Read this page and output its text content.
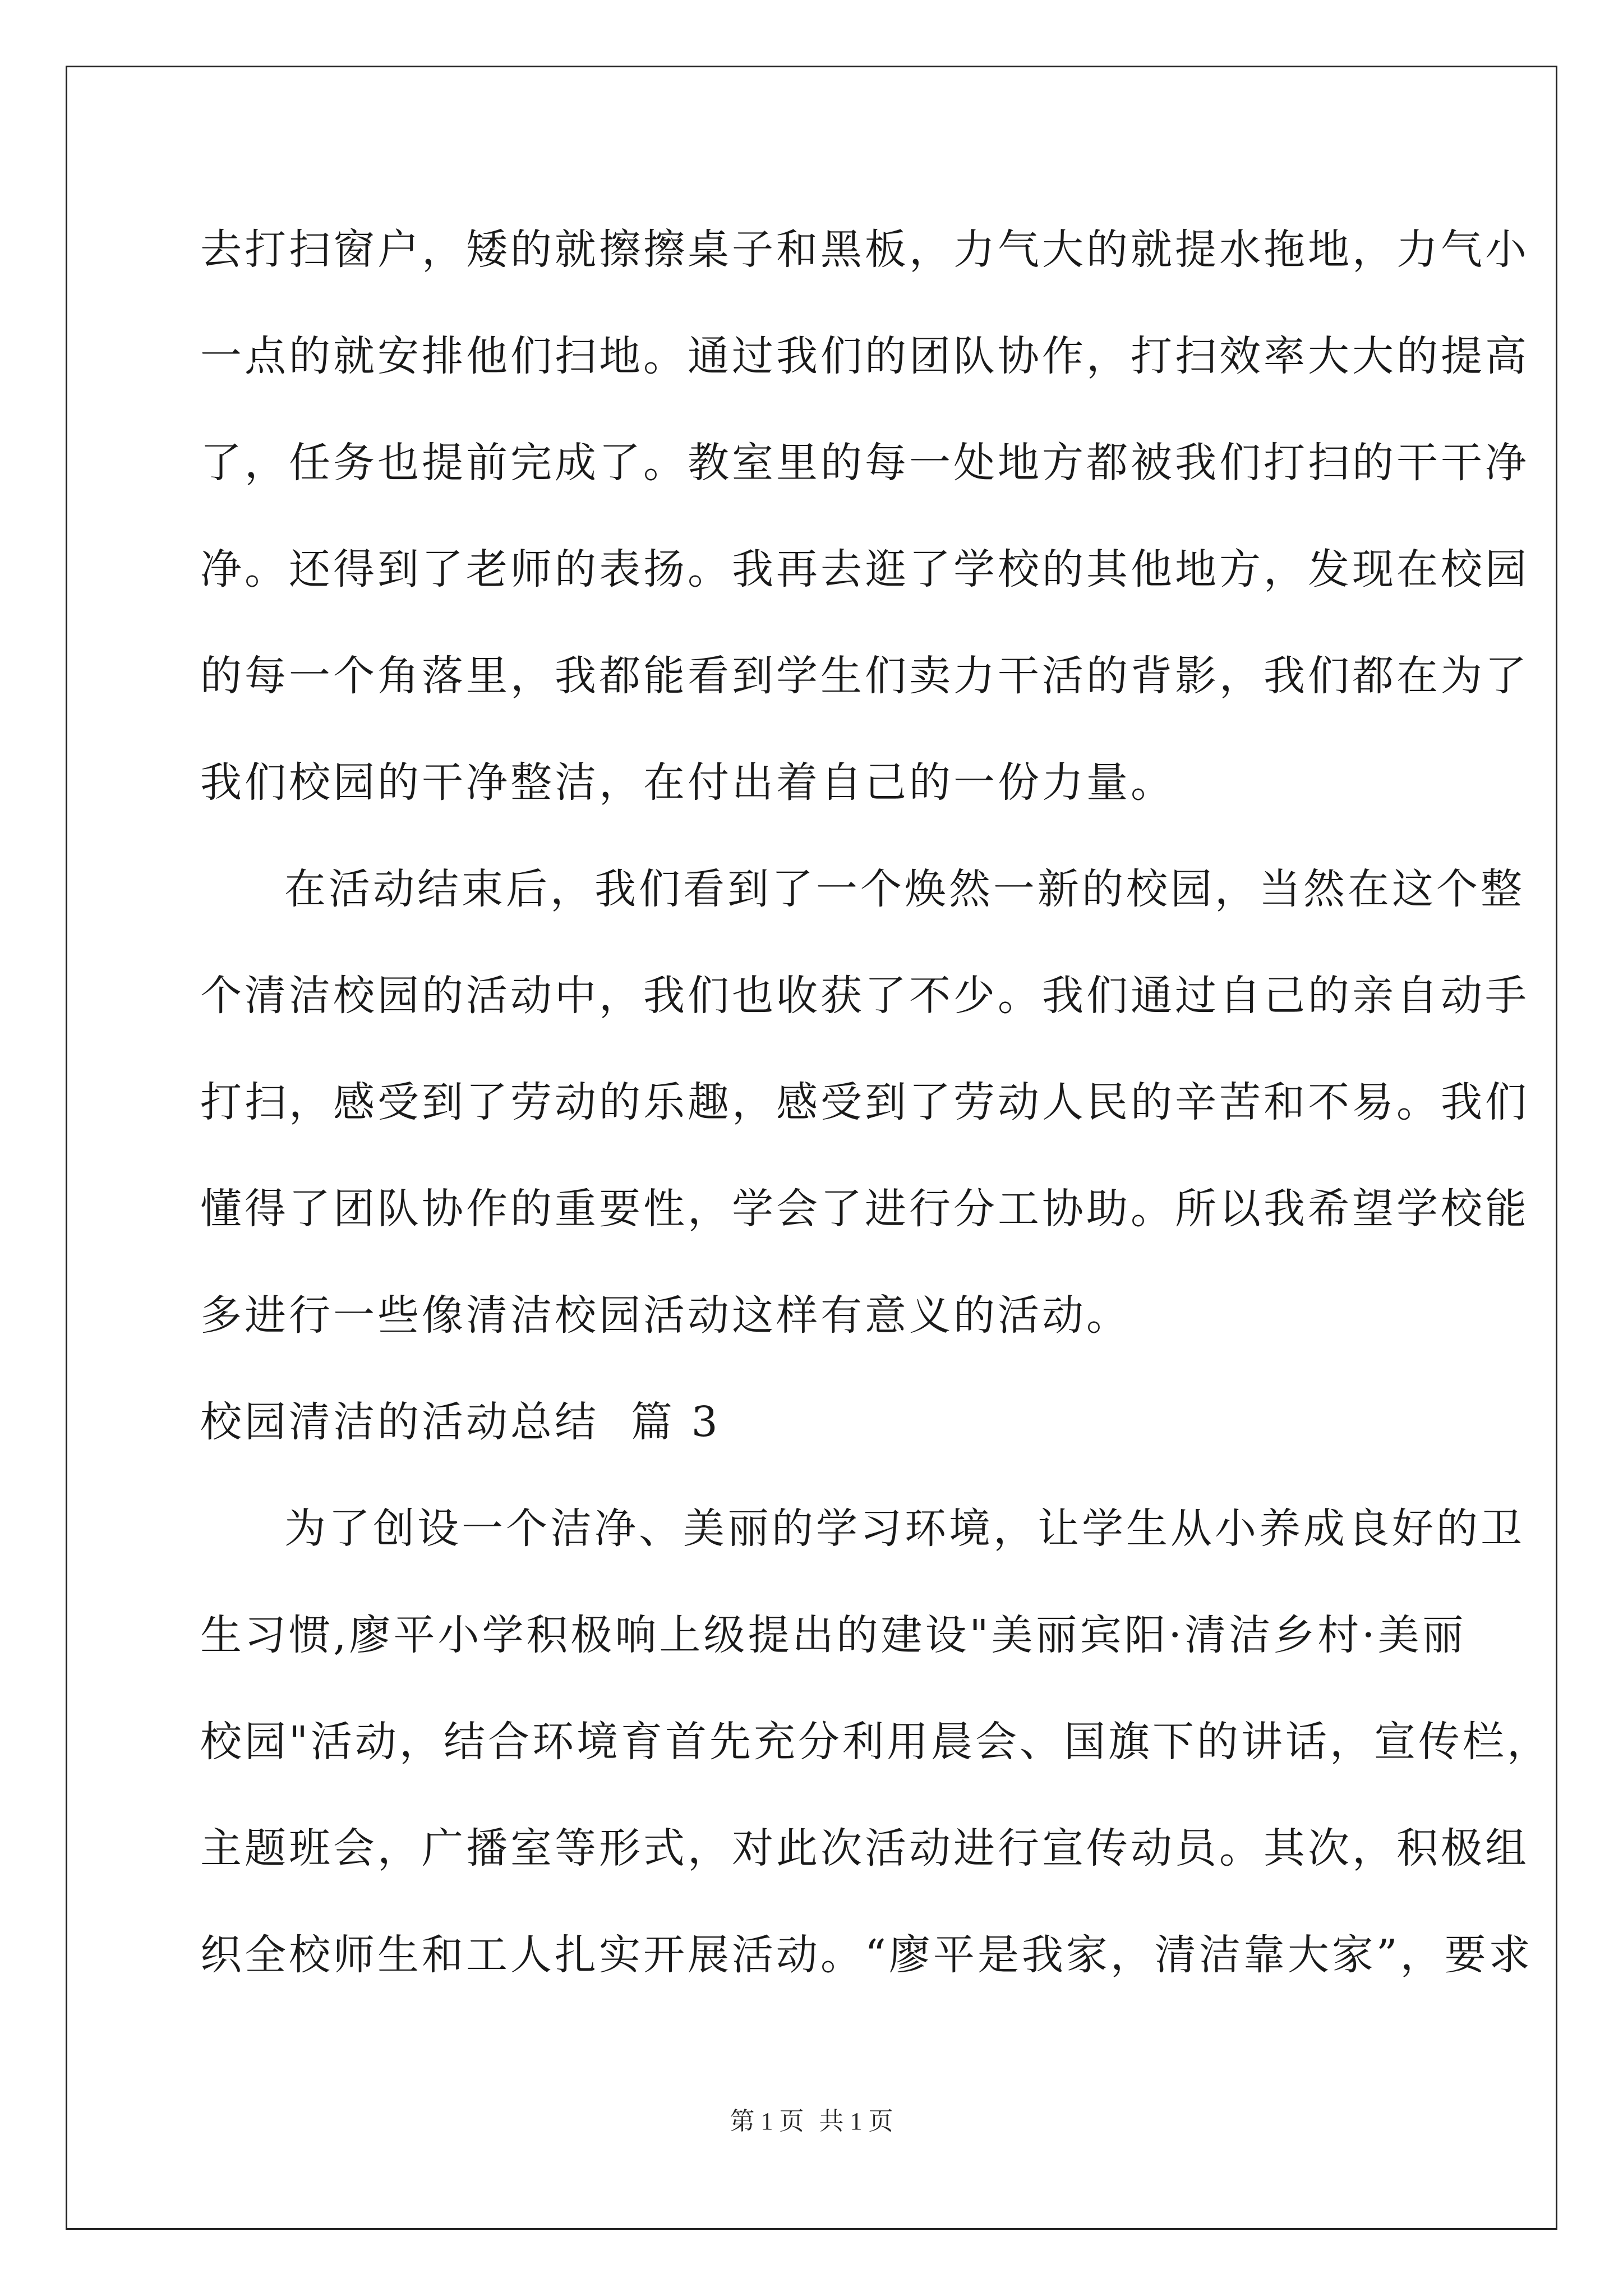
去打扫窗户，矮的就擦擦桌子和黑板，力气大的就提水拖地，力气小
一点的就安排他们扫地。通过我们的团队协作，打扫效率大大的提高
了，任务也提前完成了。教室里的每一处地方都被我们打扫的干干净
净。还得到了老师的表扬。我再去逛了学校的其他地方，发现在校园
的每一个角落里，我都能看到学生们卖力干活的背影，我们都在为了
我们校园的干净整洁，在付出着自己的一份力量。
在活动结束后，我们看到了一个焕然一新的校园，当然在这个整
个清洁校园的活动中，我们也收获了不少。我们通过自己的亲自动手
打扫，感受到了劳动的乐趣，感受到了劳动人民的辛苦和不易。我们
懂得了团队协作的重要性，学会了进行分工协助。所以我希望学校能
多进行一些像清洁校园活动这样有意义的活动。
校园清洁的活动总结  篇 3
为了创设一个洁净、美丽的学习环境，让学生从小养成良好的卫
生习惯,廖平小学积极响上级提出的建设"美丽宾阳·清洁乡村·美丽
校园"活动，结合环境育首先充分利用晨会、国旗下的讲话，宣传栏，
主题班会，广播室等形式，对此次活动进行宣传动员。其次，积极组
织全校师生和工人扎实开展活动。“廖平是我家，清洁靠大家”，要求
第 1 页 共 1 页
